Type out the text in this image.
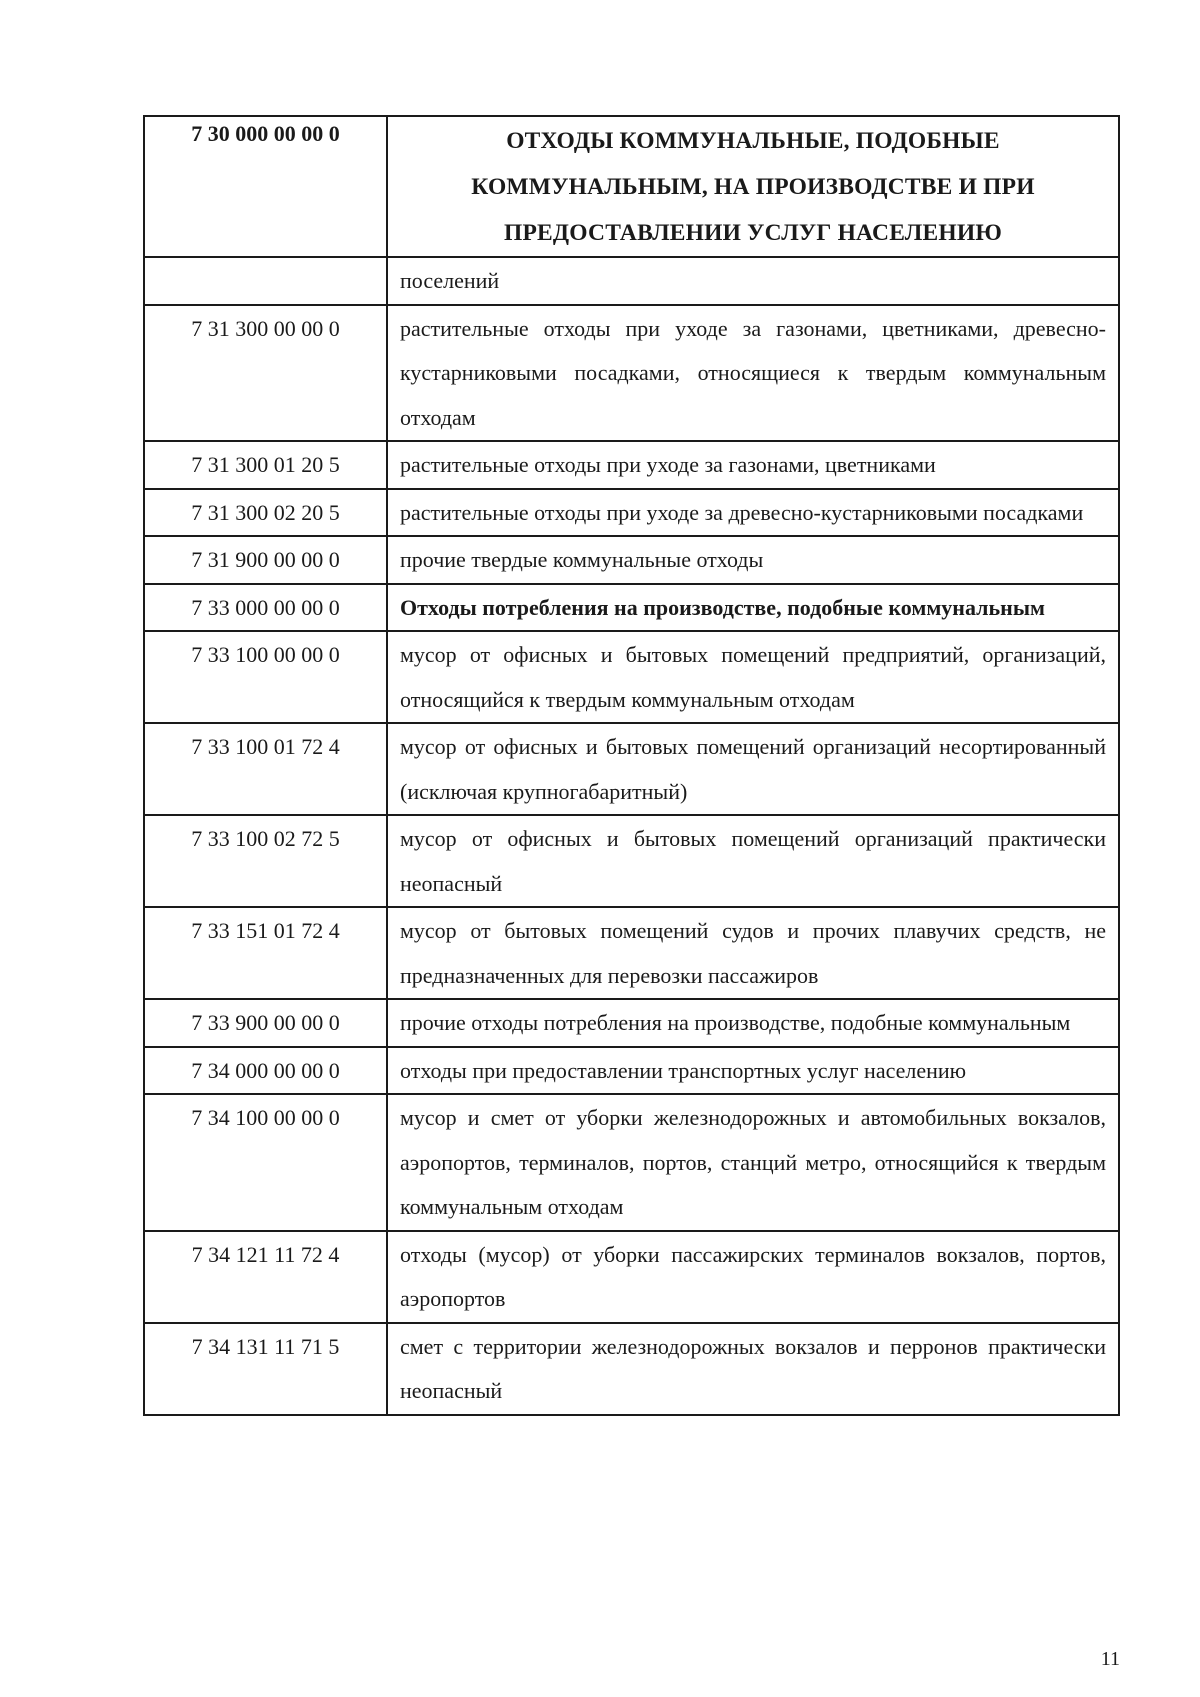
7 30 000 00 00 0	ОТХОДЫ КОММУНАЛЬНЫЕ, ПОДОБНЫЕ КОММУНАЛЬНЫМ, НА ПРОИЗВОДСТВЕ И ПРИ ПРЕДОСТАВЛЕНИИ УСЛУГ НАСЕЛЕНИЮ
	поселений
7 31 300 00 00 0	растительные отходы при уходе за газонами, цветниками, древесно-кустарниковыми посадками, относящиеся к твердым коммунальным отходам
7 31 300 01 20 5	растительные отходы при уходе за газонами, цветниками
7 31 300 02 20 5	растительные отходы при уходе за древесно-кустарниковыми посадками
7 31 900 00 00 0	прочие твердые коммунальные отходы
7 33 000 00 00 0	Отходы потребления на производстве, подобные коммунальным
7 33 100 00 00 0	мусор от офисных и бытовых помещений предприятий, организаций, относящийся к твердым коммунальным отходам
7 33 100 01 72 4	мусор от офисных и бытовых помещений организаций несортированный (исключая крупногабаритный)
7 33 100 02 72 5	мусор от офисных и бытовых помещений организаций практически неопасный
7 33 151 01 72 4	мусор от бытовых помещений судов и прочих плавучих средств, не предназначенных для перевозки пассажиров
7 33 900 00 00 0	прочие отходы потребления на производстве, подобные коммунальным
7 34 000 00 00 0	отходы при предоставлении транспортных услуг населению
7 34 100 00 00 0	мусор и смет от уборки железнодорожных и автомобильных вокзалов, аэропортов, терминалов, портов, станций метро, относящийся к твердым коммунальным отходам
7 34 121 11 72 4	отходы (мусор) от уборки пассажирских терминалов вокзалов, портов, аэропортов
7 34 131 11 71 5	смет с территории железнодорожных вокзалов и перронов практически неопасный
11
